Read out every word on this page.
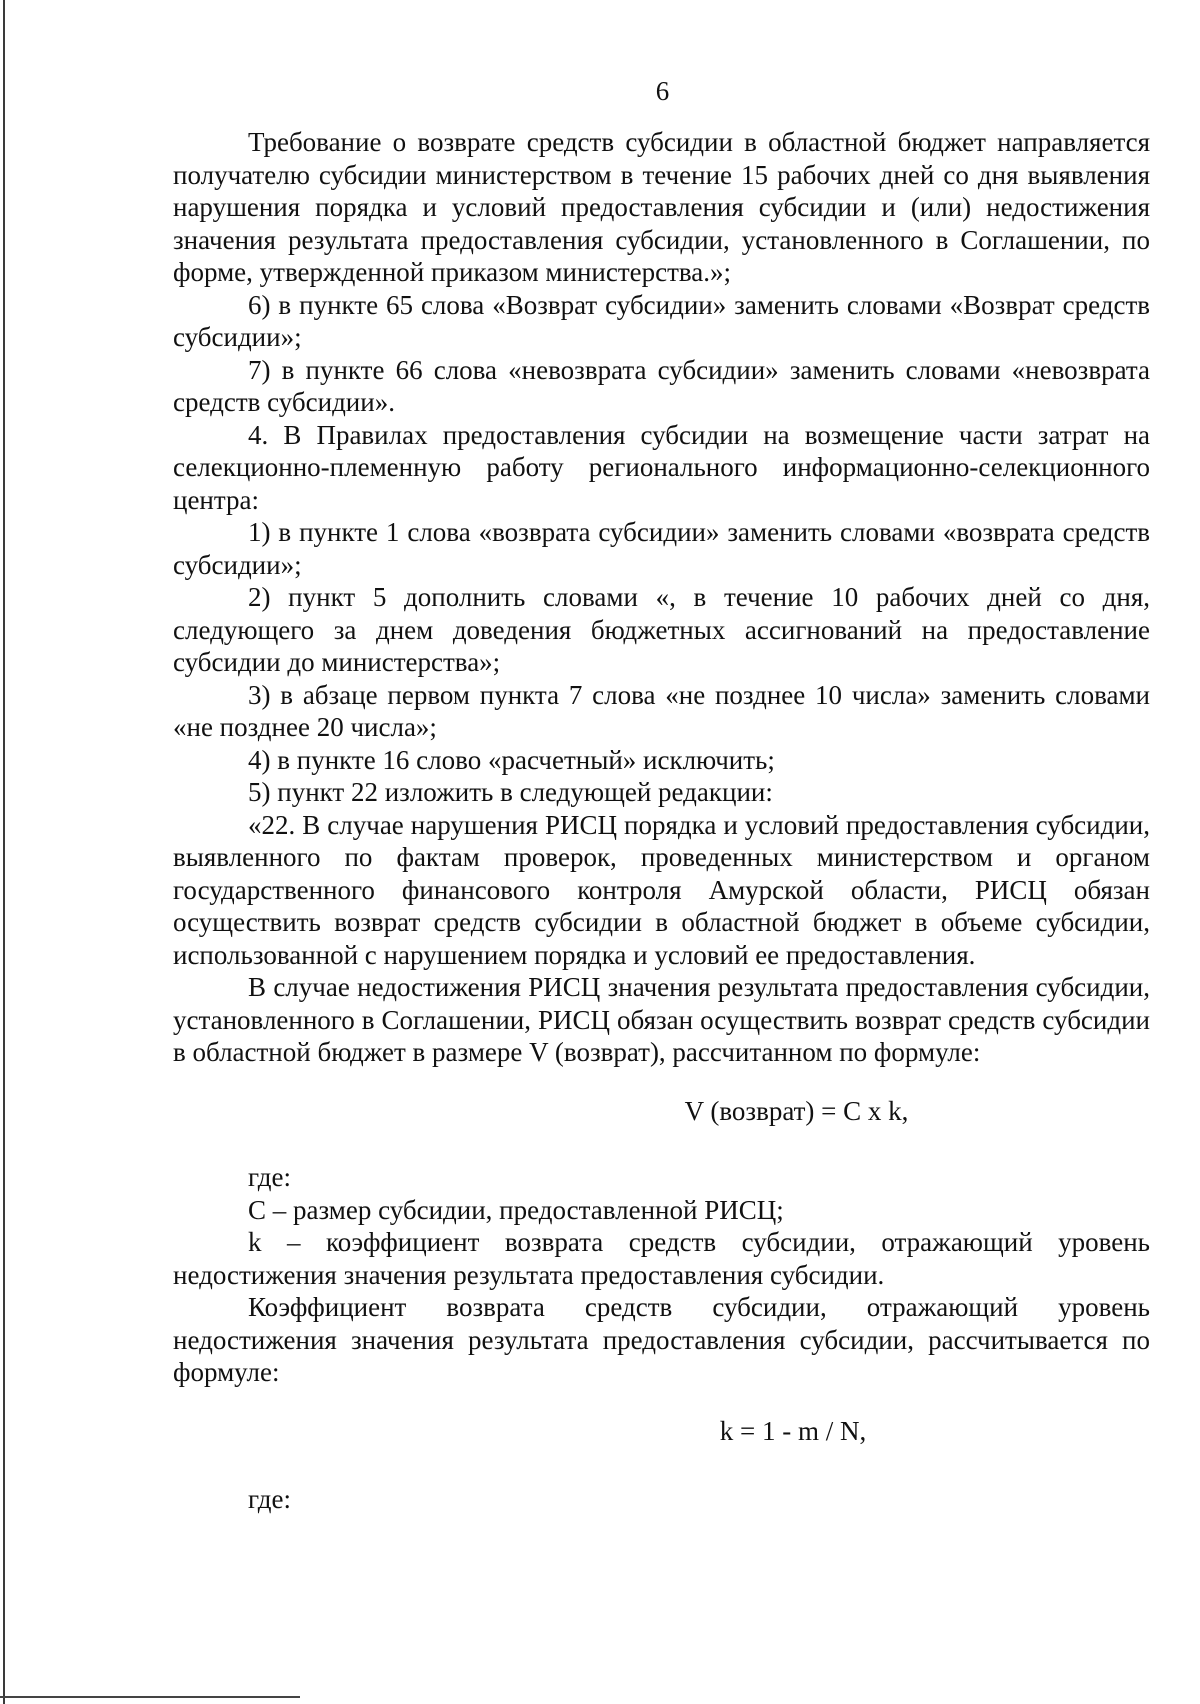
6

Требование о возврате средств субсидии в областной бюджет направляется получателю субсидии министерством в течение 15 рабочих дней со дня выявления нарушения порядка и условий предоставления субсидии и (или) недостижения значения результата предоставления субсидии, установленного в Соглашении, по форме, утвержденной приказом министерства.»;

6) в пункте 65 слова «Возврат субсидии» заменить словами «Возврат средств субсидии»;

7) в пункте 66 слова «невозврата субсидии» заменить словами «невозврата средств субсидии».

4. В Правилах предоставления субсидии на возмещение части затрат на селекционно-племенную работу регионального информационно-селекционного центра:

1) в пункте 1 слова «возврата субсидии» заменить словами «возврата средств субсидии»;

2) пункт 5 дополнить словами «, в течение 10 рабочих дней со дня, следующего за днем доведения бюджетных ассигнований на предоставление субсидии до министерства»;

3) в абзаце первом пункта 7 слова «не позднее 10 числа» заменить словами «не позднее 20 числа»;

4) в пункте 16 слово «расчетный» исключить;

5) пункт 22 изложить в следующей редакции:

«22. В случае нарушения РИСЦ порядка и условий предоставления субсидии, выявленного по фактам проверок, проведенных министерством и органом государственного финансового контроля Амурской области, РИСЦ обязан осуществить возврат средств субсидии в областной бюджет в объеме субсидии, использованной с нарушением порядка и условий ее предоставления.

В случае недостижения РИСЦ значения результата предоставления субсидии, установленного в Соглашении, РИСЦ обязан осуществить возврат средств субсидии в областной бюджет в размере V (возврат), рассчитанном по формуле:

V (возврат) = C x k,

где:

C – размер субсидии, предоставленной РИСЦ;

k – коэффициент возврата средств субсидии, отражающий уровень недостижения значения результата предоставления субсидии.

Коэффициент возврата средств субсидии, отражающий уровень недостижения значения результата предоставления субсидии, рассчитывается по формуле:

k = 1 - m / N,

где:
